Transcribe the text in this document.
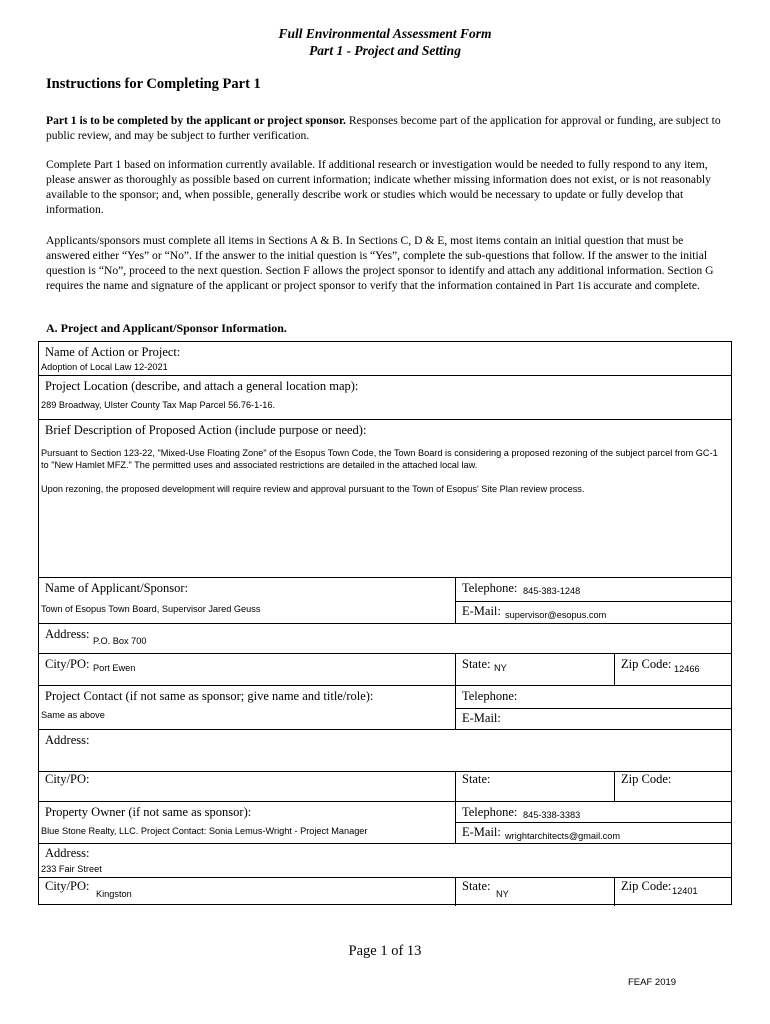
Full Environmental Assessment Form
Part 1 - Project and Setting
Instructions for Completing Part 1
Part 1 is to be completed by the applicant or project sponsor. Responses become part of the application for approval or funding, are subject to public review, and may be subject to further verification.
Complete Part 1 based on information currently available. If additional research or investigation would be needed to fully respond to any item, please answer as thoroughly as possible based on current information; indicate whether missing information does not exist, or is not reasonably available to the sponsor; and, when possible, generally describe work or studies which would be necessary to update or fully develop that information.
Applicants/sponsors must complete all items in Sections A & B. In Sections C, D & E, most items contain an initial question that must be answered either “Yes” or “No”. If the answer to the initial question is “Yes”, complete the sub-questions that follow. If the answer to the initial question is “No”, proceed to the next question. Section F allows the project sponsor to identify and attach any additional information. Section G requires the name and signature of the applicant or project sponsor to verify that the information contained in Part 1is accurate and complete.
A. Project and Applicant/Sponsor Information.
Name of Action or Project:
Adoption of Local Law 12-2021
Project Location (describe, and attach a general location map):
289 Broadway, Ulster County Tax Map Parcel 56.76-1-16.
Brief Description of Proposed Action (include purpose or need):
Pursuant to Section 123-22, "Mixed-Use Floating Zone" of the Esopus Town Code, the Town Board is considering a proposed rezoning of the subject parcel from GC-1 to "New Hamlet MFZ." The permitted uses and associated restrictions are detailed in the attached local law.
Upon rezoning, the proposed development will require review and approval pursuant to the Town of Esopus' Site Plan review process.
Name of Applicant/Sponsor:
Town of Esopus Town Board, Supervisor Jared Geuss
Telephone: 845-383-1248
E-Mail: supervisor@esopus.com
Address: P.O. Box 700
City/PO: Port Ewen	State: NY	Zip Code: 12466
Project Contact (if not same as sponsor; give name and title/role):
Same as above
Telephone:
E-Mail:
Address:
City/PO:	State:	Zip Code:
Property Owner (if not same as sponsor):
Blue Stone Realty, LLC. Project Contact: Sonia Lemus-Wright - Project Manager
Telephone: 845-338-3383
E-Mail: wrightarchitects@gmail.com
Address:
233 Fair Street
City/PO:
Kingston
State:
NY
Zip Code: 12401
Page 1 of 13
FEAF 2019
